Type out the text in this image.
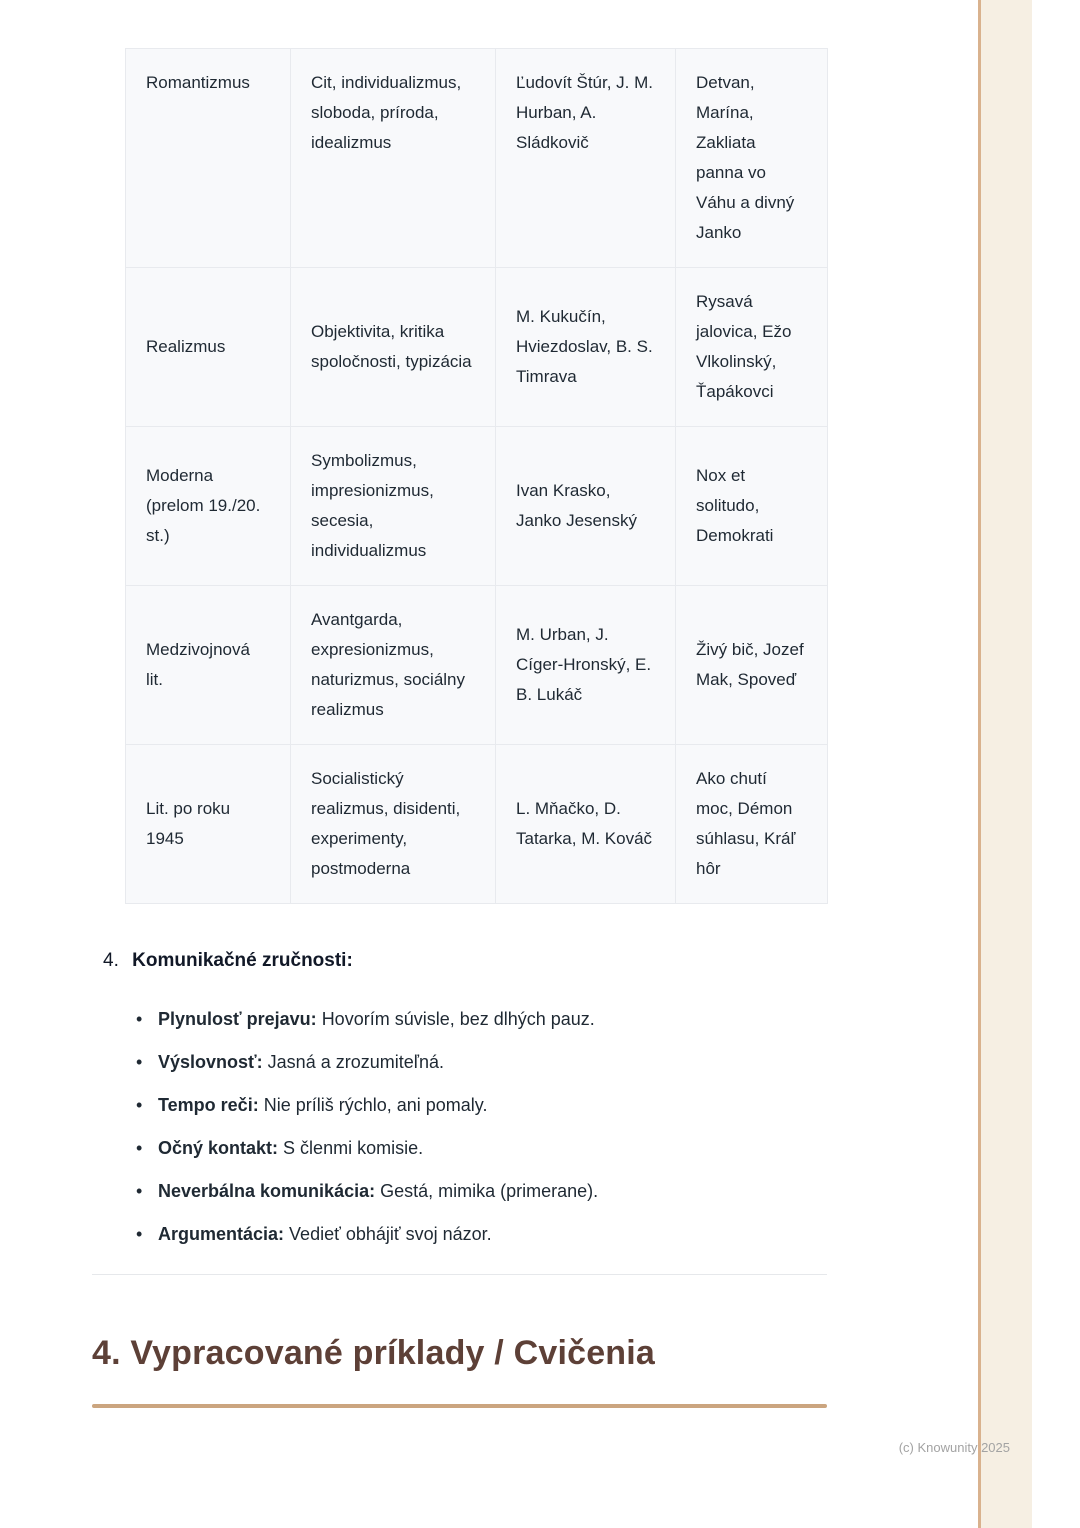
(c) Knowunity 2025
Romantizmus	Cit, individualizmus, sloboda, príroda, idealizmus	Ľudovít Štúr, J. M. Hurban, A. Sládkovič	Detvan, Marína, Zakliata panna vo Váhu a divný Janko
Realizmus	Objektivita, kritika spoločnosti, typizácia	M. Kukučín, Hviezdoslav, B. S. Timrava	Rysavá jalovica, Ežo Vlkolinský, Ťapákovci
Moderna (prelom 19./20. st.)	Symbolizmus, impresionizmus, secesia, individualizmus	Ivan Krasko, Janko Jesenský	Nox et solitudo, Demokrati
Medzivojnová lit.	Avantgarda, expresionizmus, naturizmus, sociálny realizmus	M. Urban, J. Cíger-Hronský, E. B. Lukáč	Živý bič, Jozef Mak, Spoveď
Lit. po roku 1945	Socialistický realizmus, disidenti, experimenty, postmoderna	L. Mňačko, D. Tatarka, M. Kováč	Ako chutí moc, Démon súhlasu, Kráľ hôr
4. Komunikačné zručnosti:
• Plynulosť prejavu: Hovorím súvisle, bez dlhých pauz.
• Výslovnosť: Jasná a zrozumiteľná.
• Tempo reči: Nie príliš rýchlo, ani pomaly.
• Očný kontakt: S členmi komisie.
• Neverbálna komunikácia: Gestá, mimika (primerane).
• Argumentácia: Vedieť obhájiť svoj názor.
4. Vypracované príklady / Cvičenia
